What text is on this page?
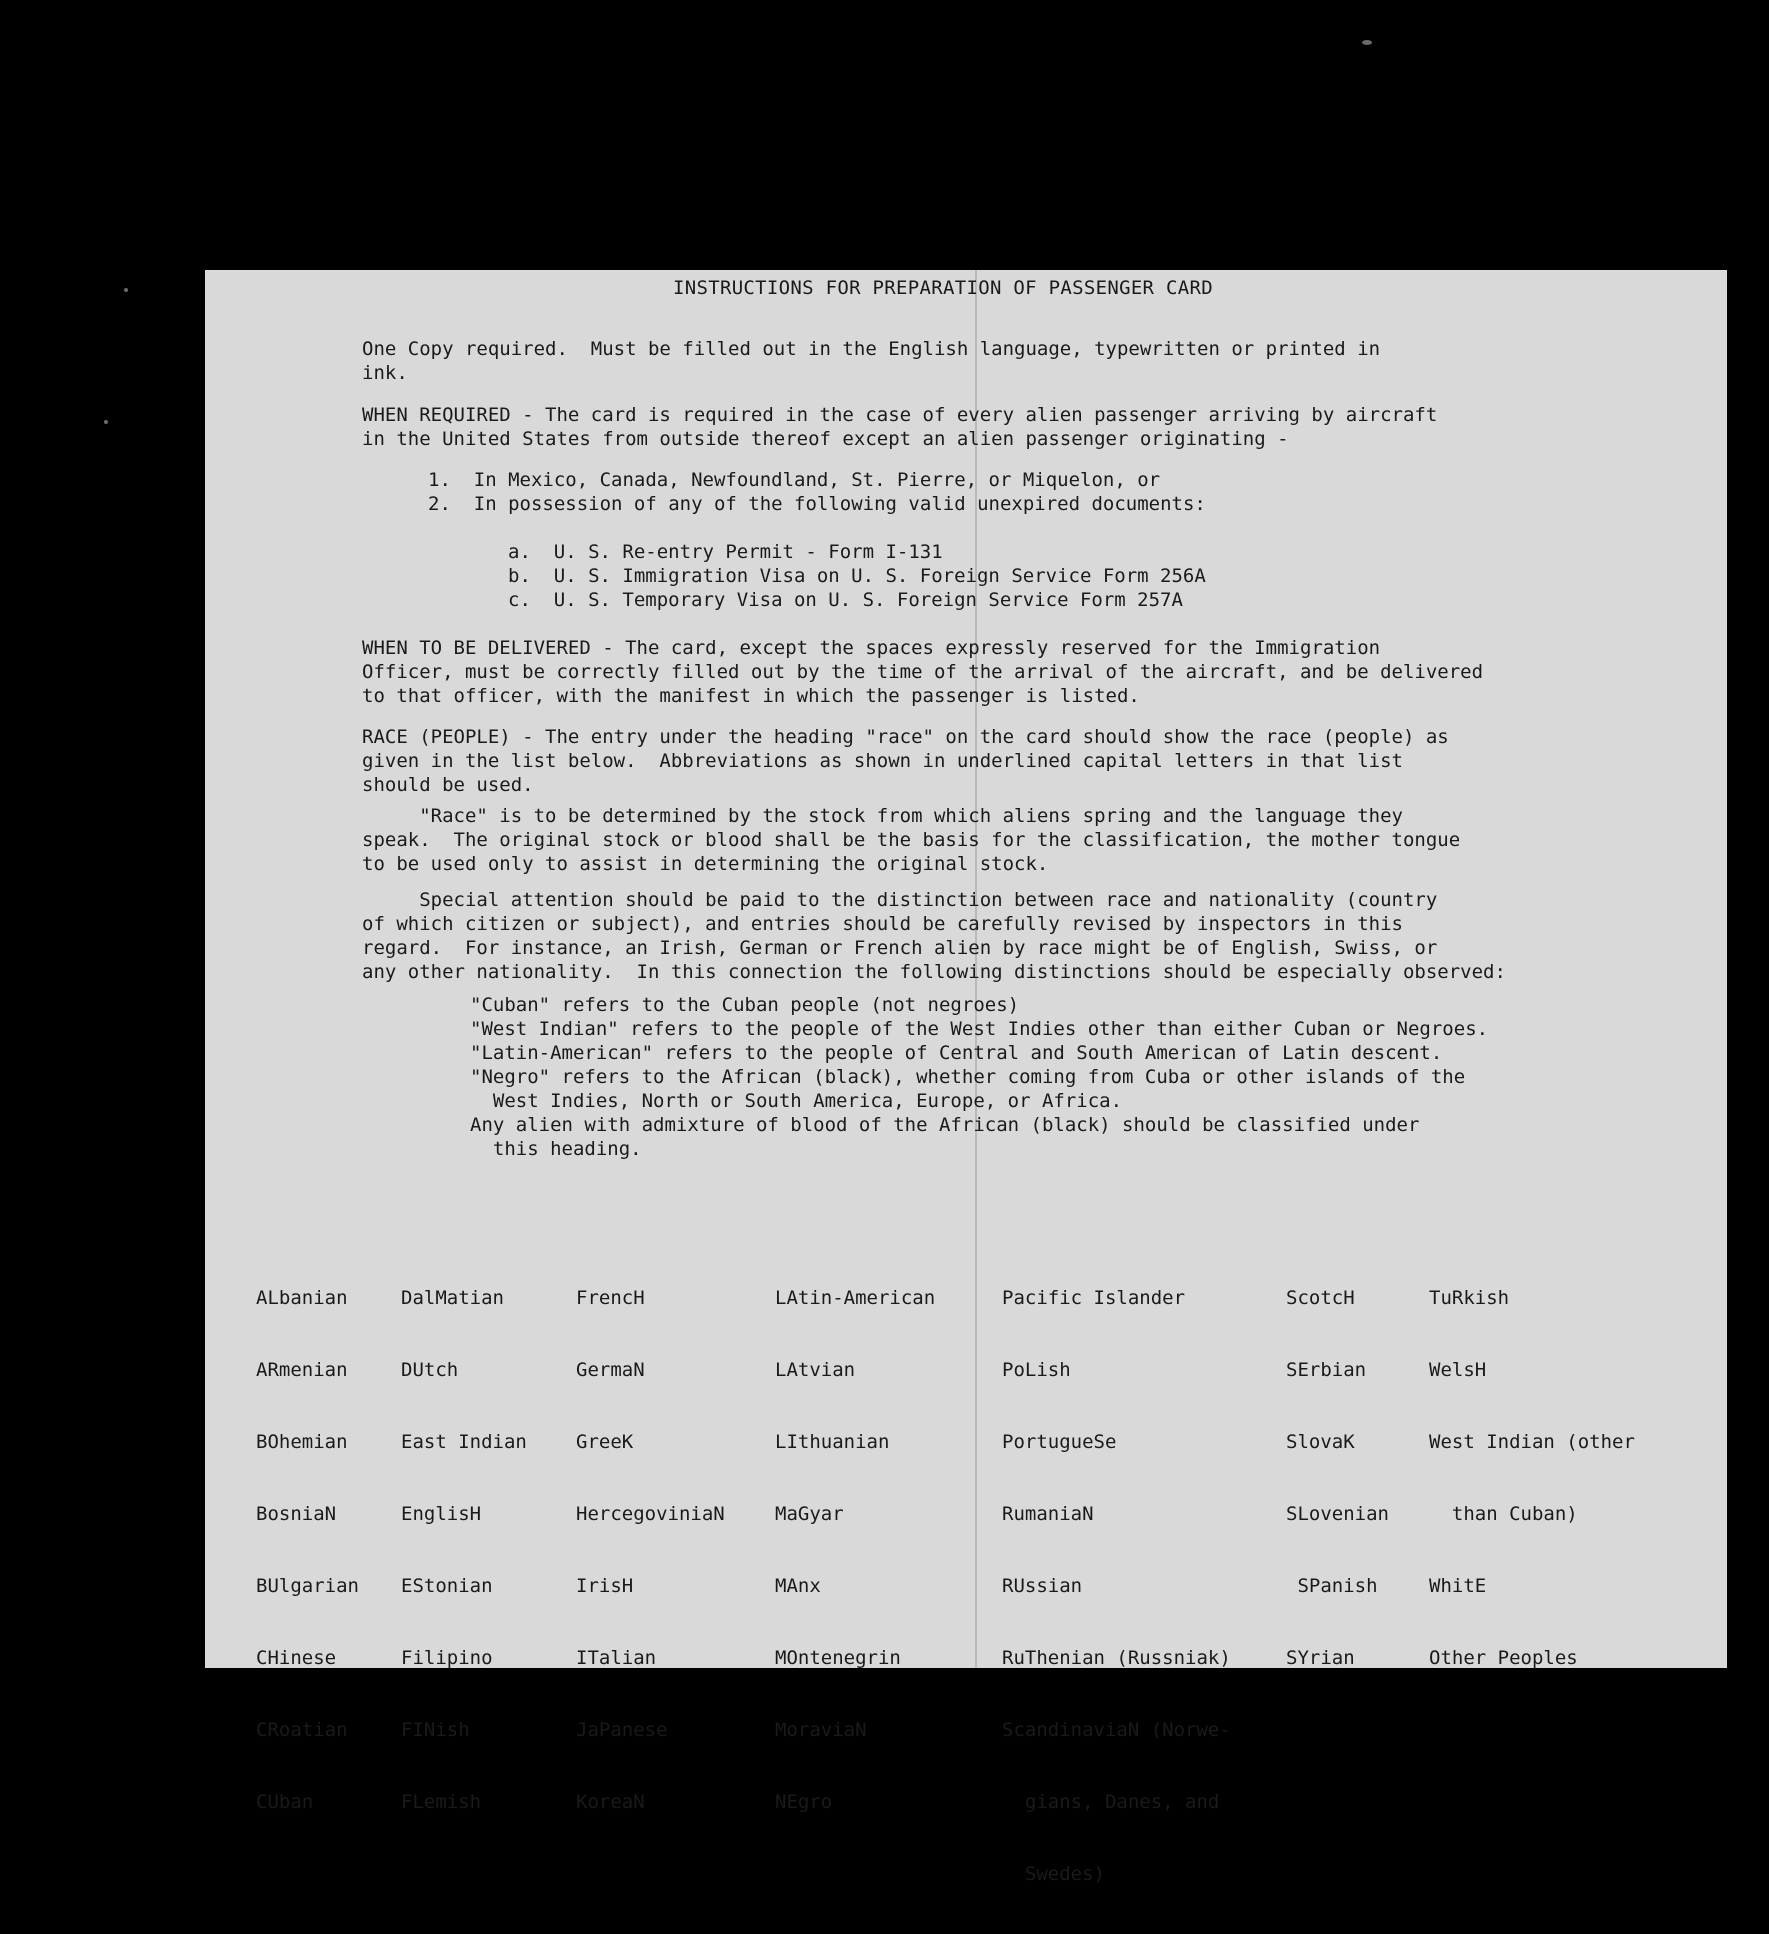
INSTRUCTIONS FOR PREPARATION OF PASSENGER CARD
One Copy required.  Must be filled out in the English language, typewritten or printed in
ink.
WHEN REQUIRED - The card is required in the case of every alien passenger arriving by aircraft
in the United States from outside thereof except an alien passenger originating -
1.  In Mexico, Canada, Newfoundland, St. Pierre, or Miquelon, or
2.  In possession of any of the following valid unexpired documents:
a.  U. S. Re-entry Permit - Form I-131
b.  U. S. Immigration Visa on U. S. Foreign Service Form 256A
c.  U. S. Temporary Visa on U. S. Foreign Service Form 257A
WHEN TO BE DELIVERED - The card, except the spaces expressly reserved for the Immigration
Officer, must be correctly filled out by the time of the arrival of the aircraft, and be delivered
to that officer, with the manifest in which the passenger is listed.
RACE (PEOPLE) - The entry under the heading "race" on the card should show the race (people) as
given in the list below.  Abbreviations as shown in underlined capital letters in that list
should be used.
"Race" is to be determined by the stock from which aliens spring and the language they
speak.  The original stock or blood shall be the basis for the classification, the mother tongue
to be used only to assist in determining the original stock.
Special attention should be paid to the distinction between race and nationality (country
of which citizen or subject), and entries should be carefully revised by inspectors in this
regard.  For instance, an Irish, German or French alien by race might be of English, Swiss, or
any other nationality.  In this connection the following distinctions should be especially observed:
"Cuban" refers to the Cuban people (not negroes)
"West Indian" refers to the people of the West Indies other than either Cuban or Negroes.
"Latin-American" refers to the people of Central and South American of Latin descent.
"Negro" refers to the African (black), whether coming from Cuba or other islands of the
West Indies, North or South America, Europe, or Africa.
Any alien with admixture of blood of the African (black) should be classified under
this heading.

ALbanian

ARmenian

BOhemian

BosniaN

BUlgarian

CHinese

CRoatian

CUban

DalMatian

DUtch

East Indian

EnglisH

EStonian

Filipino

FINish

FLemish

FrencH

GermaN

GreeK

HercegoviniaN

IrisH

ITalian

JaPanese

KoreaN

LAtin-American

LAtvian

LIthuanian

MaGyar

MAnx

MOntenegrin

MoraviaN

NEgro

Pacific Islander

PoLish

PortugueSe

RumaniaN

RUssian

RuThenian (Russniak)

ScandinaviaN (Norwe-

gians, Danes, and

Swedes)

ScotcH

SErbian

SlovaK

SLovenian

SPanish

SYrian

TuRkish

WelsH

West Indian (other

than Cuban)

WhitE

Other Peoples
